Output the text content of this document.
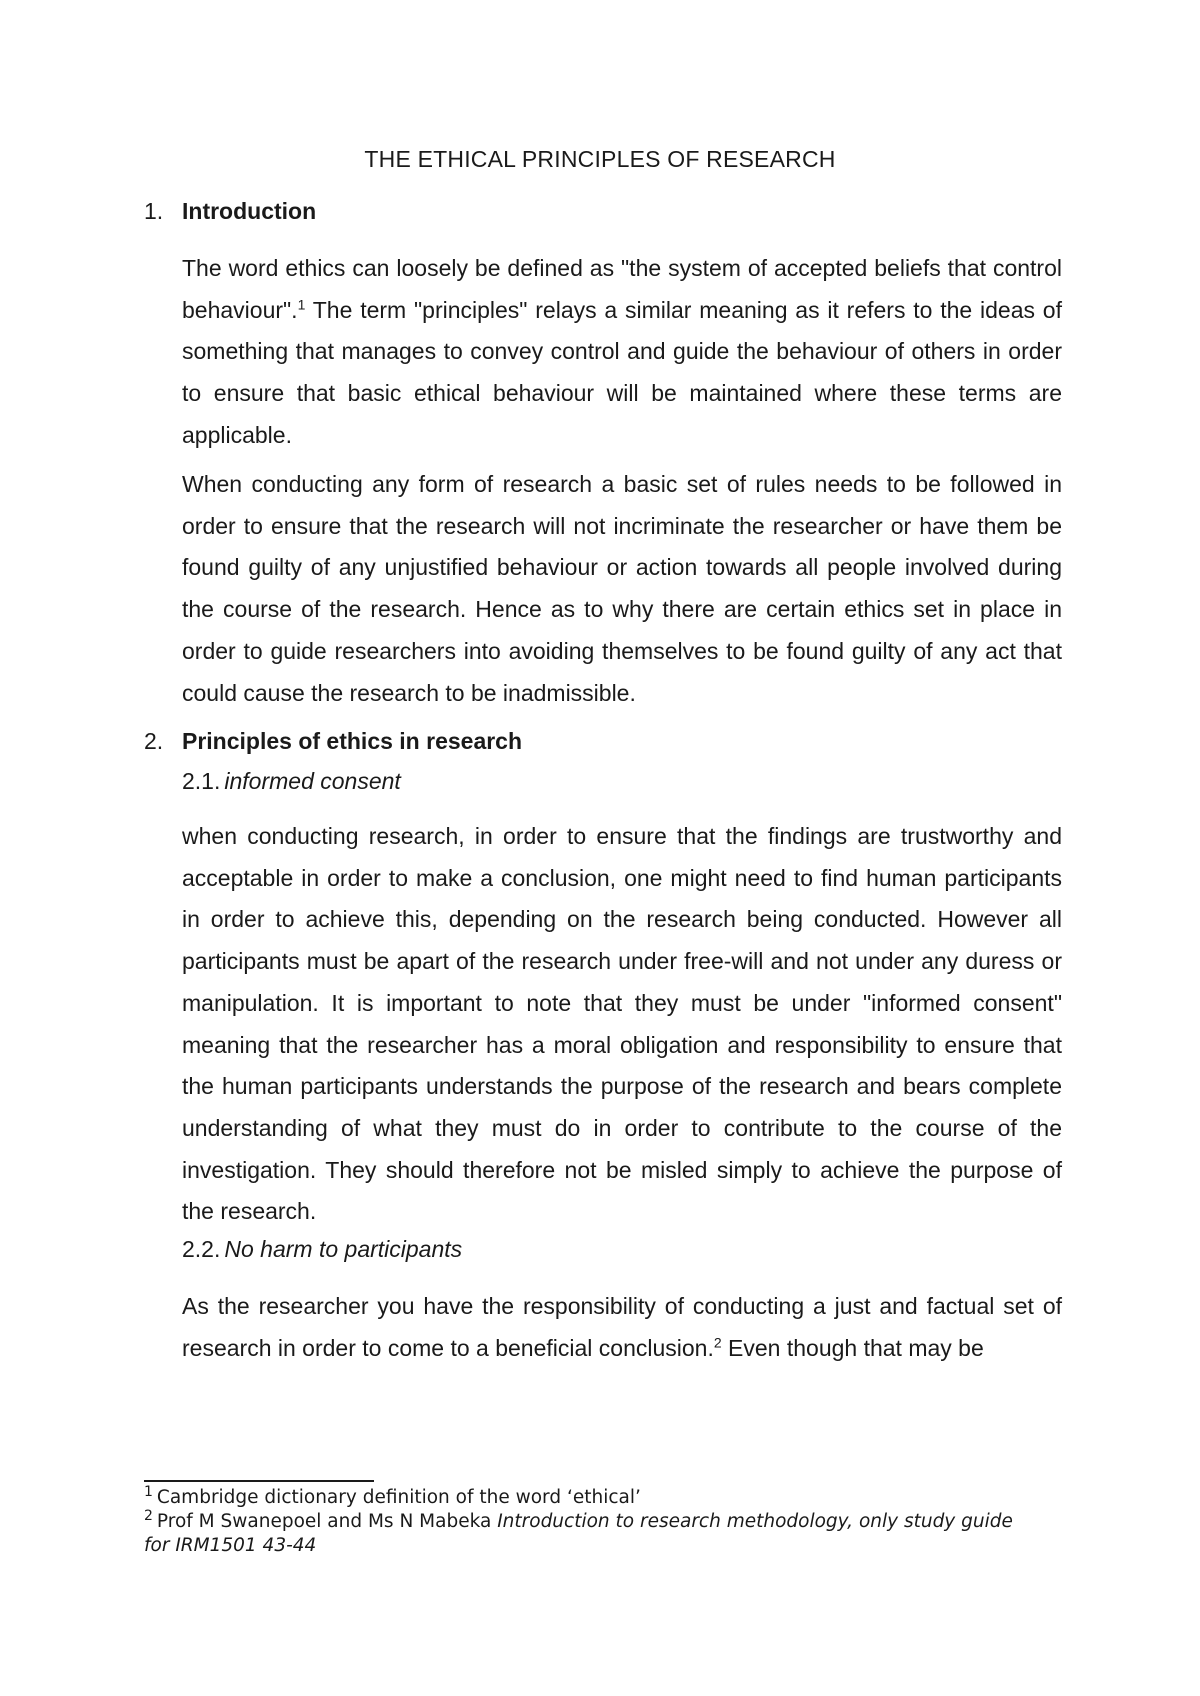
THE ETHICAL PRINCIPLES OF RESEARCH
1. Introduction

The word ethics can loosely be defined as "the system of accepted beliefs that control behaviour".$^1$ The term "principles" relays a similar meaning as it refers to the ideas of something that manages to convey control and guide the behaviour of others in order to ensure that basic ethical behaviour will be maintained where these terms are applicable.

When conducting any form of research a basic set of rules needs to be followed in order to ensure that the research will not incriminate the researcher or have them be found guilty of any unjustified behaviour or action towards all people involved during the course of the research. Hence as to why there are certain ethics set in place in order to guide researchers into avoiding themselves to be found guilty of any act that could cause the research to be inadmissible.

2. Principles of ethics in research
2.1. informed consent

when conducting research, in order to ensure that the findings are trustworthy and acceptable in order to make a conclusion, one might need to find human participants in order to achieve this, depending on the research being conducted. However all participants must be apart of the research under free-will and not under any duress or manipulation. It is important to note that they must be under "informed consent" meaning that the researcher has a moral obligation and responsibility to ensure that the human participants understands the purpose of the research and bears complete understanding of what they must do in order to contribute to the course of the investigation. They should therefore not be misled simply to achieve the purpose of the research.

2.2. No harm to participants

As the researcher you have the responsibility of conducting a just and factual set of research in order to come to a beneficial conclusion.$^2$ Even though that may be

$^1$ Cambridge dictionary definition of the word ‘ethical’
$^2$ Prof M Swanepoel and Ms N Mabeka Introduction to research methodology, only study guide for IRM1501 43-44
